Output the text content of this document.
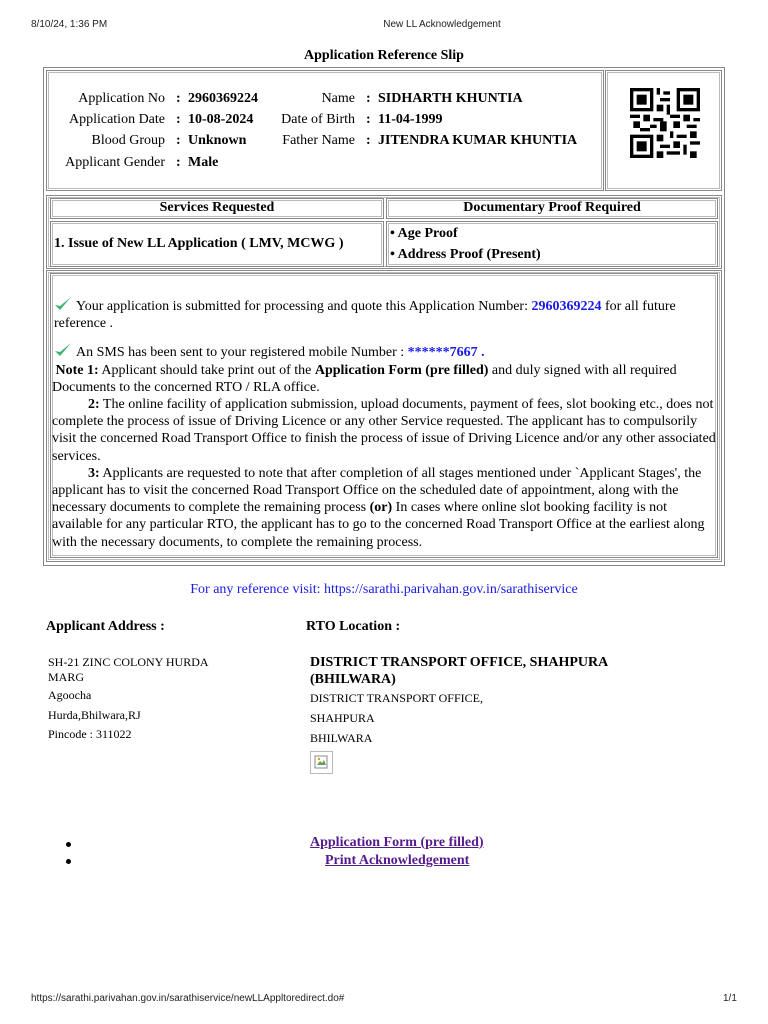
8/10/24, 1:36 PM	New LL Acknowledgement
Application Reference Slip
Application No : 2960369224	Name : SIDHARTH KHUNTIA
Application Date : 10-08-2024	Date of Birth : 11-04-1999
Blood Group : Unknown	Father Name : JITENDRA KUMAR KHUNTIA
Applicant Gender : Male
Services Requested	Documentary Proof Required
1. Issue of New LL Application ( LMV, MCWG )
• Age Proof
• Address Proof (Present)

Your application is submitted for processing and quote this Application Number: 2960369224 for all future reference .

An SMS has been sent to your registered mobile Number : ******7667 .

Note 1: Applicant should take print out of the Application Form (pre filled) and duly signed with all required Documents to the concerned RTO / RLA office.

2: The online facility of application submission, upload documents, payment of fees, slot booking etc., does not complete the process of issue of Driving Licence or any other Service requested. The applicant has to compulsorily visit the concerned Road Transport Office to finish the process of issue of Driving Licence and/or any other associated services.

3: Applicants are requested to note that after completion of all stages mentioned under `Applicant Stages', the applicant has to visit the concerned Road Transport Office on the scheduled date of appointment, along with the necessary documents to complete the remaining process (or) In cases where online slot booking facility is not available for any particular RTO, the applicant has to go to the concerned Road Transport Office at the earliest along with the necessary documents, to complete the remaining process.

For any reference visit: https://sarathi.parivahan.gov.in/sarathiservice
Applicant Address :	RTO Location :
SH-21 ZINC COLONY HURDA MARG
Agoocha
Hurda,Bhilwara,RJ
Pincode : 311022
DISTRICT TRANSPORT OFFICE, SHAHPURA (BHILWARA)
DISTRICT TRANSPORT OFFICE,
SHAHPURA
BHILWARA
Application Form (pre filled)
Print Acknowledgement
https://sarathi.parivahan.gov.in/sarathiservice/newLLAppltoredirect.do#	1/1
